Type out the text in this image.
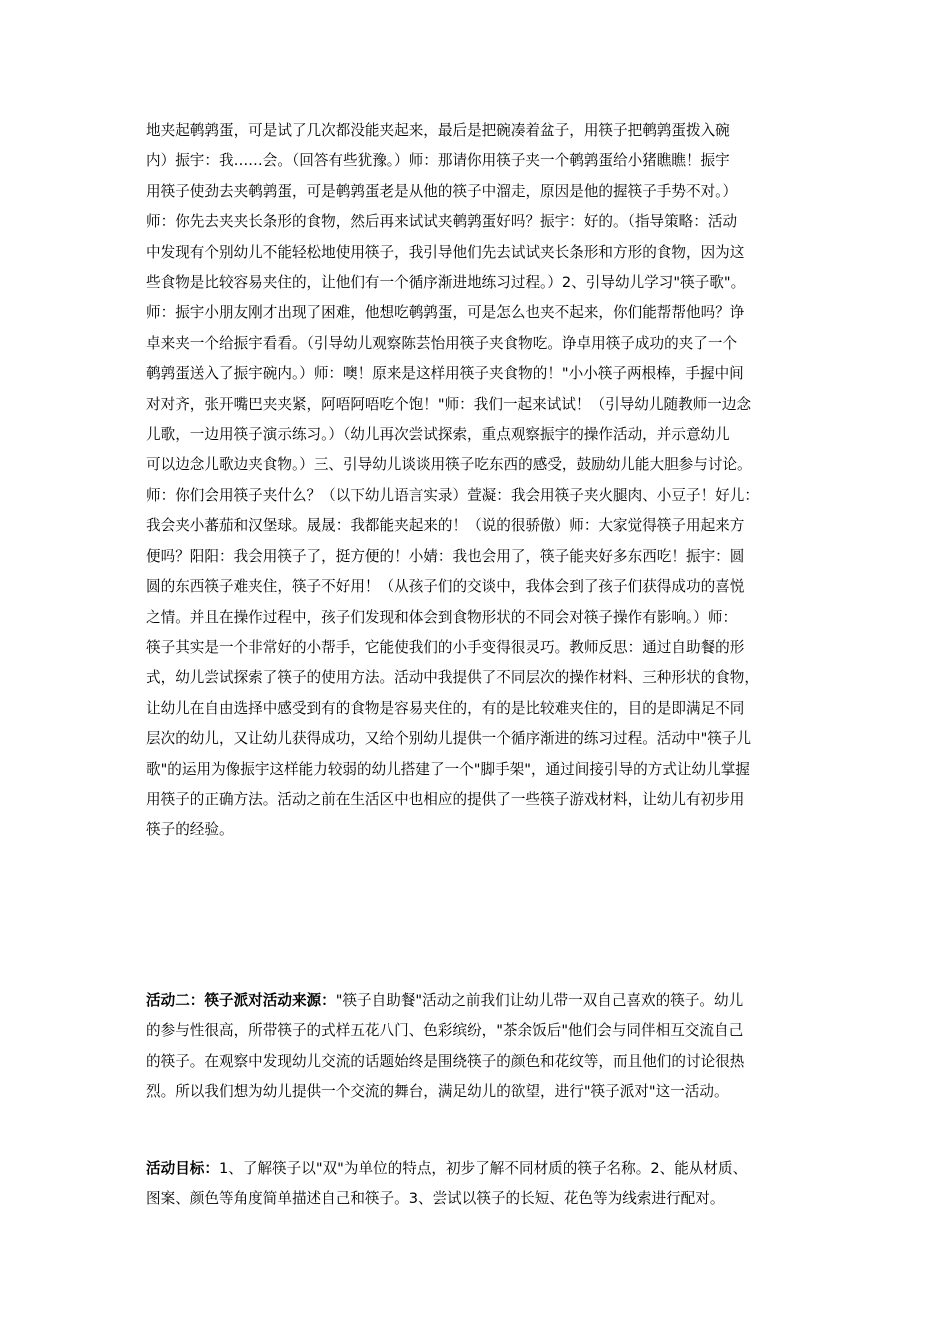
地夹起鹌鹑蛋，可是试了几次都没能夹起来，最后是把碗凑着盆子，用筷子把鹌鹑蛋拨入碗
内）振宇：我……会。（回答有些犹豫。）师：那请你用筷子夹一个鹌鹑蛋给小猪瞧瞧！振宇
用筷子使劲去夹鹌鹑蛋，可是鹌鹑蛋老是从他的筷子中溜走，原因是他的握筷子手势不对。）
师：你先去夹夹长条形的食物，然后再来试试夹鹌鹑蛋好吗？振宇：好的。（指导策略：活动
中发现有个别幼儿不能轻松地使用筷子，我引导他们先去试试夹长条形和方形的食物，因为这
些食物是比较容易夹住的，让他们有一个循序渐进地练习过程。）2、引导幼儿学习"筷子歌"。
师：振宇小朋友刚才出现了困难，他想吃鹌鹑蛋，可是怎么也夹不起来，你们能帮帮他吗？诤
卓来夹一个给振宇看看。（引导幼儿观察陈芸怡用筷子夹食物吃。诤卓用筷子成功的夹了一个
鹌鹑蛋送入了振宇碗内。）师：噢！原来是这样用筷子夹食物的！"小小筷子两根棒，手握中间
对对齐，张开嘴巴夹夹紧，阿唔阿唔吃个饱！"师：我们一起来试试！（引导幼儿随教师一边念
儿歌，一边用筷子演示练习。）（幼儿再次尝试探索，重点观察振宇的操作活动，并示意幼儿
可以边念儿歌边夹食物。）三、引导幼儿谈谈用筷子吃东西的感受，鼓励幼儿能大胆参与讨论。
师：你们会用筷子夹什么？（以下幼儿语言实录）萱凝：我会用筷子夹火腿肉、小豆子！好儿：
我会夹小蕃茄和汉堡球。晟晟：我都能夹起来的！（说的很骄傲）师：大家觉得筷子用起来方
便吗？阳阳：我会用筷子了，挺方便的！小婧：我也会用了，筷子能夹好多东西吃！振宇：圆
圆的东西筷子难夹住，筷子不好用！（从孩子们的交谈中，我体会到了孩子们获得成功的喜悦
之情。并且在操作过程中，孩子们发现和体会到食物形状的不同会对筷子操作有影响。）师：
筷子其实是一个非常好的小帮手，它能使我们的小手变得很灵巧。教师反思：通过自助餐的形
式，幼儿尝试探索了筷子的使用方法。活动中我提供了不同层次的操作材料、三种形状的食物，
让幼儿在自由选择中感受到有的食物是容易夹住的，有的是比较难夹住的，目的是即满足不同
层次的幼儿，又让幼儿获得成功，又给个别幼儿提供一个循序渐进的练习过程。活动中"筷子儿
歌"的运用为像振宇这样能力较弱的幼儿搭建了一个"脚手架"，通过间接引导的方式让幼儿掌握
用筷子的正确方法。活动之前在生活区中也相应的提供了一些筷子游戏材料，让幼儿有初步用
筷子的经验。
活动二：筷子派对活动来源："筷子自助餐"活动之前我们让幼儿带一双自己喜欢的筷子。幼儿
的参与性很高，所带筷子的式样五花八门、色彩缤纷，"茶余饭后"他们会与同伴相互交流自己
的筷子。在观察中发现幼儿交流的话题始终是围绕筷子的颜色和花纹等，而且他们的讨论很热
烈。所以我们想为幼儿提供一个交流的舞台，满足幼儿的欲望，进行"筷子派对"这一活动。
活动目标：1、了解筷子以"双"为单位的特点，初步了解不同材质的筷子名称。2、能从材质、
图案、颜色等角度简单描述自己和筷子。3、尝试以筷子的长短、花色等为线索进行配对。
